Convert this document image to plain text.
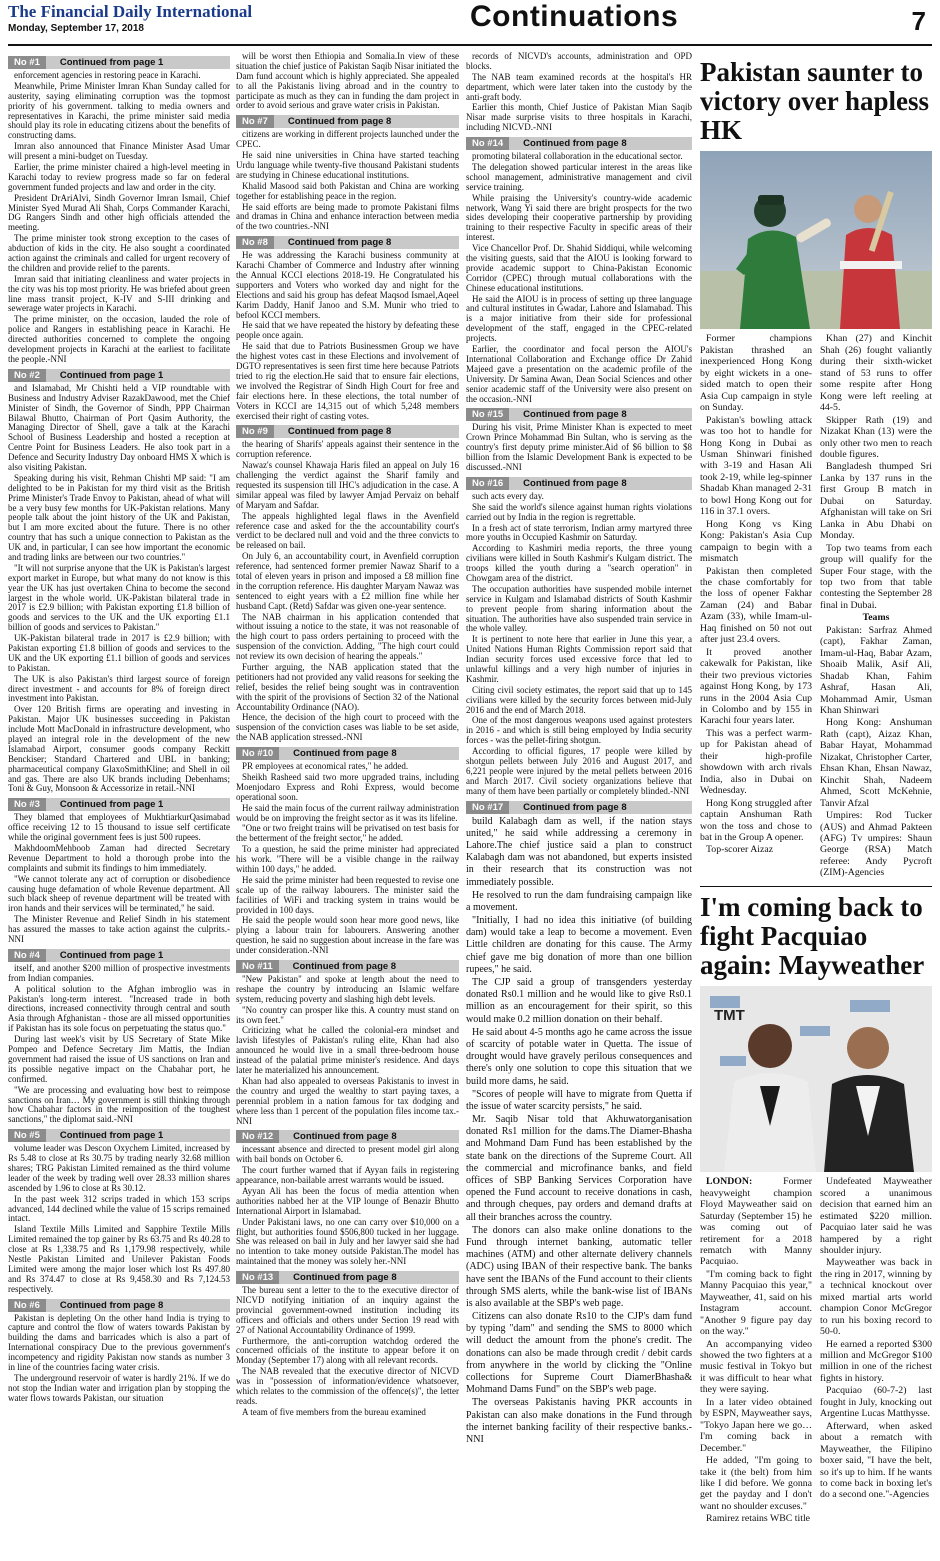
The Financial Daily International
Monday, September 17, 2018	Continuations	7
No #1	Continued from page 1

enforcement agencies in restoring peace in Karachi.

Meanwhile, Prime Minister Imran Khan Sunday called for austerity, saying eliminating corruption was the topmost priority of his government. talking to media owners and representatives in Karachi, the prime minister said media should play its role in educating citizens about the benefits of constructing dams.

Imran also announced that Finance Minister Asad Umar will present a mini-budget on Tuesday.

Earlier, the prime minister chaired a high-level meeting in Karachi today to review progress made so far on federal government funded projects and law and order in the city.

President DrAriAlvi, Sindh Governor Imran Ismail, Chief Minister Syed Murad Ali Shah, Corps Commander Karachi, DG Rangers Sindh and other high officials attended the meeting.

The prime minister took strong exception to the cases of abduction of kids in the city. He also sought a coordinated action against the criminals and called for urgent recovery of the children and provide relief to the parents.

Imran said that initiating cleanliness and water projects in the city was his top most priority. He was briefed about green line mass transit project, K-IV and S-III drinking and sewerage water projects in Karachi.

The prime minister, on the occasion, lauded the role of police and Rangers in establishing peace in Karachi. He directed authorities concerned to complete the ongoing development projects in Karachi at the earliest to facilitate the people.-NNI

No #2	Continued from page 1

and Islamabad, Mr Chishti held a VIP roundtable with Business and Industry Adviser RazakDawood, met the Chief Minister of Sindh, the Governor of Sindh, PPP Chairman Bilawal Bhutto, Chairman of Port Qasim Authority, the Managing Director of Shell, gave a talk at the Karachi School of Business Leadership and hosted a reception at Centre Point for Business Leaders. He also took part in a Defence and Security Industry Day onboard HMS X which is also visiting Pakistan.

Speaking during his visit, Rehman Chishti MP said: "I am delighted to be in Pakistan for my third visit as the British Prime Minister's Trade Envoy to Pakistan, ahead of what will be a very busy few months for UK-Pakistan relations. Many people talk about the joint history of the UK and Pakistan, but I am more excited about the future. There is no other country that has such a unique connection to Pakistan as the UK and, in particular, I can see how important the economic and trading links are between our two countries."

"It will not surprise anyone that the UK is Pakistan's largest export market in Europe, but what many do not know is this year the UK has just overtaken China to become the second largest in the whole world. UK-Pakistan bilateral trade in 2017 is £2.9 billion; with Pakistan exporting £1.8 billion of goods and services to the UK and the UK exporting £1.1 billion of goods and services to Pakistan."

UK-Pakistan bilateral trade in 2017 is £2.9 billion; with Pakistan exporting £1.8 billion of goods and services to the UK and the UK exporting £1.1 billion of goods and services to Pakistan.

The UK is also Pakistan's third largest source of foreign direct investment - and accounts for 8% of foreign direct investment into Pakistan.

Over 120 British firms are operating and investing in Pakistan. Major UK businesses succeeding in Pakistan include Mott MacDonald in infrastructure development, who played an integral role in the development of the new Islamabad Airport, consumer goods company Reckitt Benckiser; Standard Chartered and UBL in banking; pharmaceutical company GlaxoSmithKline; and Shell in oil and gas. There are also UK brands including Debenhams; Toni & Guy, Monsoon & Accessorize in retail.-NNI

No #3	Continued from page 1

They blamed that employees of MukhtiarkurQasimabad office receiving 12 to 15 thousand to issue self certificate while the original government fees is just 500 rupees.

MakhdoomMehboob Zaman had directed Secretary Revenue Department to hold a thorough probe into the complaints and submit its findings to him immediately.

"We cannot tolerate any act of corruption or disobedience causing huge defamation of whole Revenue department. All such black sheep of revenue department will be treated with iron hands and their services will be terminated," he said.

The Minister Revenue and Relief Sindh in his statement has assured the masses to take action against the culprits.-NNI

No #4	Continued from page 1

itself, and another $200 million of prospective investments from Indian companies.

A political solution to the Afghan imbroglio was in Pakistan's long-term interest. "Increased trade in both directions, increased connectivity through central and south Asia through Afghanistan - those are all missed opportunities if Pakistan has its sole focus on perpetuating the status quo."

During last week's visit by US Secretary of State Mike Pompeo and Defence Secretary Jim Mattis, the Indian government had raised the issue of US sanctions on Iran and its possible negative impact on the Chabahar port, he confirmed.

"We are processing and evaluating how best to reimpose sanctions on Iran… My government is still thinking through how Chabahar factors in the reimposition of the toughest sanctions," the diplomat said.-NNI

No #5	Continued from page 1

volume leader was Descon Oxychem Limited, increased by Rs 5.48 to close at Rs 30.75 by trading nearly 32.68 million shares; TRG Pakistan Limited remained as the third volume leader of the week by trading well over 28.33 million shares ascended by 1.96 to close at Rs 30.12.

In the past week 312 scrips traded in which 153 scrips advanced, 144 declined while the value of 15 scrips remained intact.

Island Textile Mills Limited and Sapphire Textile Mills Limited remained the top gainer by Rs 63.75 and Rs 40.28 to close at Rs 1,338.75 and Rs 1,179.98 respectively, while Nestle Pakistan Limited and Unilever Pakistan Foods Limited were among the major loser which lost Rs 497.80 and Rs 374.47 to close at Rs 9,458.30 and Rs 7,124.53 respectively.

No #6	Continued from page 8

Pakistan is depleting On the other hand India is trying to capture and control the flow of waters towards Pakistan by building the dams and barricades which is also a part of International conspiracy Due to the previous government's incompetency and rigidity Pakistan now stands as number 3 in line of the countries facing water crisis.

The underground reservoir of water is hardly 21%. If we do not stop the Indian water and irrigation plan by stopping the water flows towards Pakistan, our situation

will be worst then Ethiopia and Somalia.In view of these situation the chief justice of Pakistan Saqib Nisar initiated the Dam fund account which is highly appreciated. She appealed to all the Pakistanis living abroad and in the country to participate as much as they can in funding the dam project in order to avoid serious and grave water crisis in Pakistan.

No #7	Continued from page 8

citizens are working in different projects launched under the CPEC.

He said nine universities in China have started teaching Urdu language while twenty-five thousand Pakistani students are studying in Chinese educational institutions.

Khalid Masood said both Pakistan and China are working together for establishing peace in the region.

He said efforts are being made to promote Pakistani films and dramas in China and enhance interaction between media of the two countries.-NNI

No #8	Continued from page 8

He was addressing the Karachi business community at Karachi Chamber of Commerce and Industry after winning the Annual KCCI elections 2018-19. He Congratulated his supporters and Voters who worked day and night for the Elections and said his group has defeat Maqsod Ismael,Aqeel Karim Daddy, Hanif Janoo and S.M. Munir who tried to befool KCCI members.

He said that we have repeated the history by defeating these people once again.

He said that due to Patriots Businessmen Group we have the highest votes cast in these Elections and involvement of DGTO representatives is seen first time here because Patriots tried to rig the election.He said that to ensure fair elections, we involved the Registrar of Sindh High Court for free and fair elections here. In these elections, the total number of Voters in KCCI are 14,315 out of which 5,248 members exercised their right of casting votes.

No #9	Continued from page 8

the hearing of Sharifs' appeals against their sentence in the corruption reference.

Nawaz's counsel Khawaja Haris filed an appeal on July 16 challenging the verdict against the Sharif family and requested its suspension till IHC's adjudication in the case. A similar appeal was filed by lawyer Amjad Pervaiz on behalf of Maryam and Safdar.

The appeals highlighted legal flaws in the Avenfield reference case and asked for the the accountability court's verdict to be declared null and void and the three convicts to be released on bail.

On July 6, an accountability court, in Avenfield corruption reference, had sentenced former premier Nawaz Sharif to a total of eleven years in prison and imposed a £8 million fine in the corruption reference. His daughter Maryam Nawaz was sentenced to eight years with a £2 million fine while her husband Capt. (Retd) Safdar was given one-year sentence.

The NAB chairman in his application contended that without issuing a notice to the state, it was not reasonable of the high court to pass orders pertaining to proceed with the suspension of the conviction. Adding, "The high court could not review its own decision of hearing the appeals."

Further arguing, the NAB application stated that the petitioners had not provided any valid reasons for seeking the relief, besides the relief being sought was in contravention with the spirit of the provisions of Section 32 of the National Accountability Ordinance (NAO).

Hence, the decision of the high court to proceed with the suspension of the conviction cases was liable to be set aside, the NAB application stressed.-NNI

No #10	Continued from page 8

PR employees at economical rates," he added.

Sheikh Rasheed said two more upgraded trains, including Moenjodaro Express and Rohi Express, would become operational soon.

He said the main focus of the current railway administration would be on improving the freight sector as it was its lifeline.

"One or two freight trains will be privatised on test basis for the betterment of the freight sector," he added.

To a question, he said the prime minister had appreciated his work. "There will be a visible change in the railway within 100 days," he added.

He said the prime minister had been requested to revise one scale up of the railway labourers. The minister said the facilities of WiFi and tracking system in trains would be provided in 100 days.

He said the people would soon hear more good news, like plying a labour train for labourers. Answering another question, he said no suggestion about increase in the fare was under consideration.-NNI

No #11	Continued from page 8

"New Pakistan" and spoke at length about the need to reshape the country by introducing an Islamic welfare system, reducing poverty and slashing high debt levels.

"No country can prosper like this. A country must stand on its own feet."

Criticizing what he called the colonial-era mindset and lavish lifestyles of Pakistan's ruling elite, Khan had also announced he would live in a small three-bedroom house instead of the palatial prime minister's residence. And days later he materialized his announcement.

Khan had also appealed to overseas Pakistanis to invest in the country and urged the wealthy to start paying taxes, a perennial problem in a nation famous for tax dodging and where less than 1 percent of the population files income tax.-NNI

No #12	Continued from page 8

incessant absence and directed to present model girl along with bail bonds on October 6.

The court further warned that if Ayyan fails in registering appearance, non-bailable arrest warrants would be issued.

Ayyan Ali has been the focus of media attention when authorities nabbed her at the VIP lounge of Benazir Bhutto International Airport in Islamabad.

Under Pakistani laws, no one can carry over $10,000 on a flight, but authorities found $506,800 tucked in her luggage. She was released on bail in July and her lawyer said she had no intention to take money outside Pakistan.The model has maintained that the money was solely her.-NNI

No #13	Continued from page 8

The bureau sent a letter to the to the executive director of NICVD notifying initiation of an inquiry against the provincial government-owned institution including its officers and officials and others under Section 19 read with 27 of National Accountability Ordinance of 1999.

Furthermore, the anti-corruption watchdog ordered the concerned officials of the institute to appear before it on Monday (September 17) along with all relevant records.

The NAB revealed that the executive director of NICVD was in "possession of information/evidence whatsoever, which relates to the commission of the offence(s)", the letter reads.

A team of five members from the bureau examined

records of NICVD's accounts, administration and OPD blocks.

The NAB team examined records at the hospital's HR department, which were later taken into the custody by the anti-graft body.

Earlier this month, Chief Justice of Pakistan Mian Saqib Nisar made surprise visits to three hospitals in Karachi, including NICVD.-NNI

No #14	Continued from page 8

promoting bilateral collaboration in the educational sector.

The delegation showed particular interest in the areas like school management, administrative management and civil service training.

While praising the University's country-wide academic network, Wang Yi said there are bright prospects for the two sides developing their cooperative partnership by providing training to their respective Faculty in specific areas of their interest.

Vice Chancellor Prof. Dr. Shahid Siddiqui, while welcoming the visiting guests, said that the AIOU is looking forward to provide academic support to China-Pakistan Economic Corridor (CPEC) through mutual collaborations with the Chinese educational institutions.

He said the AIOU is in process of setting up three language and cultural institutes in Gwadar, Lahore and Islamabad. This is a major initiative from their side for professional development of the staff, engaged in the CPEC-related projects.

Earlier, the coordinator and focal person the AIOU's International Collaboration and Exchange office Dr Zahid Majeed gave a presentation on the academic profile of the University. Dr Samina Awan, Dean Social Sciences and other senior academic staff of the University were also present on the occasion.-NNI

No #15	Continued from page 8

During his visit, Prime Minister Khan is expected to meet Crown Prince Mohammad Bin Sultan, who is serving as the country's first deputy prime minister.Aid of $6 billion to $8 billion from the Islamic Development Bank is expected to be discussed.-NNI

No #16	Continued from page 8

such acts every day.

She said the world's silence against human rights violations carried out by India in the region is regrettable.

In a fresh act of state terrorism, Indian army martyred three more youths in Occupied Kashmir on Saturday.

According to Kashmiri media reports, the three young civilians were killed in South Kashmir's Kulgam district. The troops killed the youth during a "search operation" in Chowgam area of the district.

The occupation authorities have suspended mobile internet service in Kulgam and Islamabad districts of South Kashmir to prevent people from sharing information about the situation. The authorities have also suspended train service in the whole valley.

It is pertinent to note here that earlier in June this year, a United Nations Human Rights Commission report said that Indian security forces used excessive force that led to unlawful killings and a very high number of injuries in Kashmir.

Citing civil society estimates, the report said that up to 145 civilians were killed by the security forces between mid-July 2016 and the end of March 2018.

One of the most dangerous weapons used against protesters in 2016 - and which is still being employed by India security forces - was the pellet-firing shotgun.

According to official figures, 17 people were killed by shotgun pellets between July 2016 and August 2017, and 6,221 people were injured by the metal pellets between 2016 and March 2017. Civil society organizations believe that many of them have been partially or completely blinded.-NNI

No #17	Continued from page 8

build Kalabagh dam as well, if the nation stays united," he said while addressing a ceremony in Lahore.The chief justice said a plan to construct Kalabagh dam was not abandoned, but experts insisted in their research that its construction was not immediately possible.

He resolved to run the dam fundraising campaign like a movement.

"Initially, I had no idea this initiative (of building dam) would take a leap to become a movement. Even Little children are donating for this cause. The Army chief gave me big donation of more than one billion rupees," he said.

The CJP said a group of transgenders yesterday donated Rs0.1 million and he would like to give Rs0.1 million as an encouragement for their spirit, so this would make 0.2 million donation on their behalf.

He said about 4-5 months ago he came across the issue of scarcity of potable water in Quetta. The issue of drought would have gravely perilous consequences and there's only one solution to cope this situation that we build more dams, he said.

"Scores of people will have to migrate from Quetta if the issue of water scarcity persists," he said.

Mr. Saqib Nisar told that Akhuwatorganisation donated Rs1 million for the dams.The Diamer-Bhasha and Mohmand Dam Fund has been established by the state bank on the directions of the Supreme Court. All the commercial and microfinance banks, and field offices of SBP Banking Services Corporation have opened the Fund account to receive donations in cash, and through cheques, pay orders and demand drafts at all their branches across the country.

The donors can also make online donations to the Fund through internet banking, automatic teller machines (ATM) and other alternate delivery channels (ADC) using IBAN of their respective bank. The banks have sent the IBANs of the Fund account to their clients through SMS alerts, while the bank-wise list of IBANs is also available at the SBP's web page.

Citizens can also donate Rs10 to the CJP's dam fund by typing "dam" and sending the SMS to 8000 which will deduct the amount from the phone's credit. The donations can also be made through credit / debit cards from anywhere in the world by clicking the "Online collections for Supreme Court DiamerBhasha& Mohmand Dams Fund" on the SBP's web page.

The overseas Pakistanis having PKR accounts in Pakistan can also make donations in the Fund through the internet banking facility of their respective banks.-NNI

Pakistan saunter to victory over hapless HK

Former champions Pakistan thrashed an inexperienced Hong Kong by eight wickets in a one-sided match to open their Asia Cup campaign in style on Sunday.

Pakistan's bowling attack was too hot to handle for Hong Kong in Dubai as Usman Shinwari finished with 3-19 and Hasan Ali took 2-19, while leg-spinner Shadab Khan managed 2-31 to bowl Hong Kong out for 116 in 37.1 overs.

Hong Kong vs King Kong: Pakistan's Asia Cup campaign to begin with a mismatch

Pakistan then completed the chase comfortably for the loss of opener Fakhar Zaman (24) and Babar Azam (33), while Imam-ul-Haq finished on 50 not out after just 23.4 overs.

It proved another cakewalk for Pakistan, like their two previous victories against Hong Kong, by 173 runs in the 2004 Asia Cup in Colombo and by 155 in Karachi four years later.

This was a perfect warm-up for Pakistan ahead of their high-profile showdown with arch rivals India, also in Dubai on Wednesday.

Hong Kong struggled after captain Anshuman Rath won the toss and chose to bat in the Group A opener.

Top-scorer Aizaz

Khan (27) and Kinchit Shah (26) fought valiantly during their sixth-wicket stand of 53 runs to offer some respite after Hong Kong were left reeling at 44-5.

Skipper Rath (19) and Nizakat Khan (13) were the only other two men to reach double figures.

Bangladesh thumped Sri Lanka by 137 runs in the first Group B match in Dubai on Saturday. Afghanistan will take on Sri Lanka in Abu Dhabi on Monday.

Top two teams from each group will qualify for the Super Four stage, with the top two from that table contesting the September 28 final in Dubai.

Teams

Pakistan: Sarfraz Ahmed (capt), Fakhar Zaman, Imam-ul-Haq, Babar Azam, Shoaib Malik, Asif Ali, Shadab Khan, Fahim Ashraf, Hasan Ali, Mohammad Amir, Usman Khan Shinwari

Hong Kong: Anshuman Rath (capt), Aizaz Khan, Babar Hayat, Mohammad Nizakat, Christopher Carter, Ehsan Khan, Ehsan Nawaz, Kinchit Shah, Nadeem Ahmed, Scott McKehnie, Tanvir Afzal

Umpires: Rod Tucker (AUS) and Ahmad Pakteen (AFG) Tv umpires: Shaun George (RSA) Match referee: Andy Pycroft (ZIM)-Agencies

I'm coming back to fight Pacquiao again: Mayweather
TMT

LONDON: Former heavyweight champion Floyd Mayweather said on Saturday (September 15) he was coming out of retirement for a 2018 rematch with Manny Pacquiao.

"I'm coming back to fight Manny Pacquiao this year," Mayweather, 41, said on his Instagram account. "Another 9 figure pay day on the way."

An accompanying video showed the two fighters at a music festival in Tokyo but it was difficult to hear what they were saying.

In a later video obtained by ESPN, Mayweather says, "Tokyo Japan here we go… I'm coming back in December."

He added, "I'm going to take it (the belt) from him like I did before. We gonna get the payday and I don't want no shoulder excuses."

Ramirez retains WBC title

Undefeated Mayweather scored a unanimous decision that earned him an estimated $220 million. Pacquiao later said he was hampered by a right shoulder injury.

Mayweather was back in the ring in 2017, winning by a technical knockout over mixed martial arts world champion Conor McGregor to run his boxing record to 50-0.

He earned a reported $300 million and McGregor $100 million in one of the richest fights in history.

Pacquiao (60-7-2) last fought in July, knocking out Argentine Lucas Matthysse.

Afterward, when asked about a rematch with Mayweather, the Filipino boxer said, "I have the belt, so it's up to him. If he wants to come back in boxing let's do a second one."-Agencies
